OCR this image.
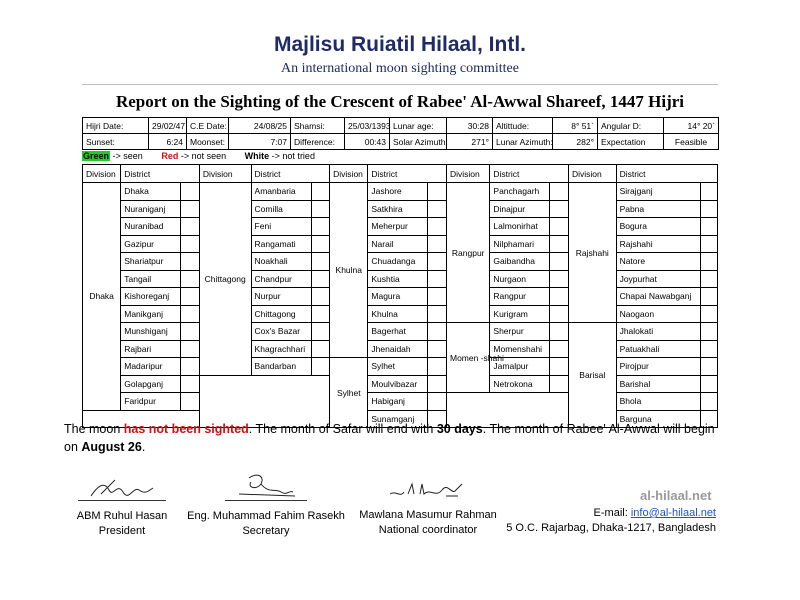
Majlisu Ruiatil Hilaal, Intl.
An international moon sighting committee
Report on the Sighting of the Crescent of Rabee' Al-Awwal Shareef, 1447 Hijri
Hijri Date:	29/02/47	C.E Date:	24/08/25	Shamsi:	25/03/1393	Lunar age:	30:28	Altittude:	8° 51`	Angular D:	14° 20`
Sunset:	6:24	Moonset:	7:07	Difference:	00:43	Solar Azimuth:	271°	Lunar Azimuth:	282°	Expectation	Feasible
Green -> seen Red -> not seen White -> not tried
Division	District		Division	District		Division	District		Division	District		Division	District	
Dhaka	Dhaka		Chittagong	Amanbaria		Khulna	Jashore		Rangpur	Panchagarh		Rajshahi	Sirajganj	
	Nuraniganj			Comilla			Satkhira			Dinajpur			Pabna	
	Nuranibad			Feni			Meherpur			Lalmonirhat			Bogura	
	Gazipur			Rangamati			Narail			Nilphamari			Rajshahi	
	Shariatpur			Noakhali			Chuadanga			Gaibandha			Natore	
	Tangail			Chandpur			Kushtia			Nurgaon			Joypurhat	
	Kishoreganj			Nurpur			Magura			Rangpur			Chapai Nawabganj	
	Manikganj			Chittagong			Khulna			Kurigram			Naogaon	
	Munshiganj			Cox's Bazar			Bagerhat		Momen -shahi	Sherpur		Barisal	Jhalokati	
	Rajbari			Khagrachhari			Jhenaidah			Momenshahi			Patuakhali	
	Madaripur			Bandarban		Sylhet	Sylhet			Jamalpur			Pirojpur	
	Golapganj						Moulvibazar			Netrokona			Barishal	
	Faridpur						Habiganj						Bhola	
							Sunamganj						Barguna	
The moon has not been sighted. The month of Safar will end with 30 days. The month of Rabee' Al-Awwal will begin on August 26.
ABM Ruhul Hasan
President
Eng. Muhammad Fahim Rasekh
Secretary
Mawlana Masumur Rahman
National coordinator
al-hilaal.net
E-mail: info@al-hilaal.net
5 O.C. Rajarbag, Dhaka-1217, Bangladesh
